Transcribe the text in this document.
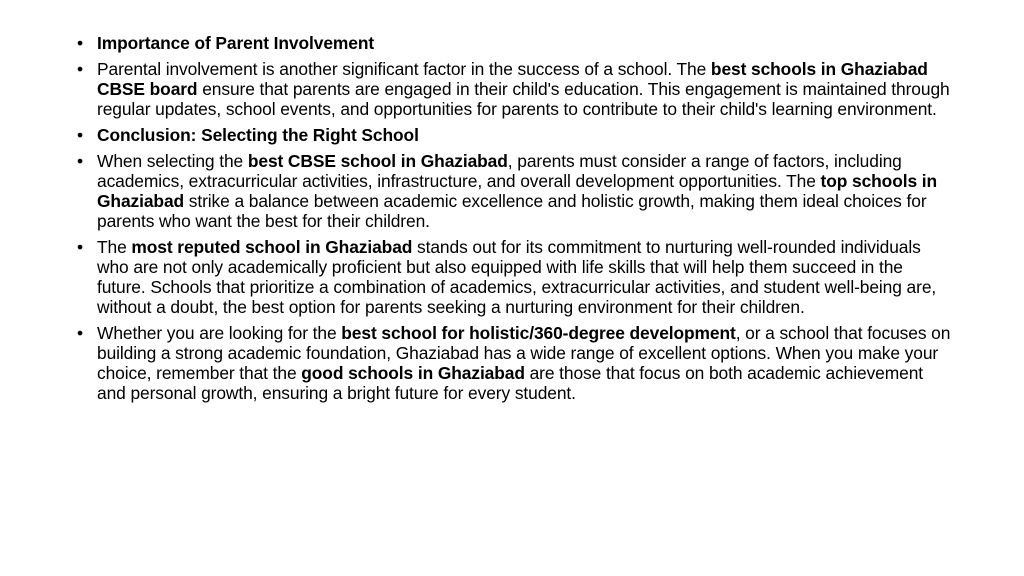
• Importance of Parent Involvement
• Parental involvement is another significant factor in the success of a school. The best schools in Ghaziabad CBSE board ensure that parents are engaged in their child's education. This engagement is maintained through regular updates, school events, and opportunities for parents to contribute to their child's learning environment.
• Conclusion: Selecting the Right School
• When selecting the best CBSE school in Ghaziabad, parents must consider a range of factors, including academics, extracurricular activities, infrastructure, and overall development opportunities. The top schools in Ghaziabad strike a balance between academic excellence and holistic growth, making them ideal choices for parents who want the best for their children.
• The most reputed school in Ghaziabad stands out for its commitment to nurturing well-rounded individuals who are not only academically proficient but also equipped with life skills that will help them succeed in the future. Schools that prioritize a combination of academics, extracurricular activities, and student well-being are, without a doubt, the best option for parents seeking a nurturing environment for their children.
• Whether you are looking for the best school for holistic/360-degree development, or a school that focuses on building a strong academic foundation, Ghaziabad has a wide range of excellent options. When you make your choice, remember that the good schools in Ghaziabad are those that focus on both academic achievement and personal growth, ensuring a bright future for every student.
